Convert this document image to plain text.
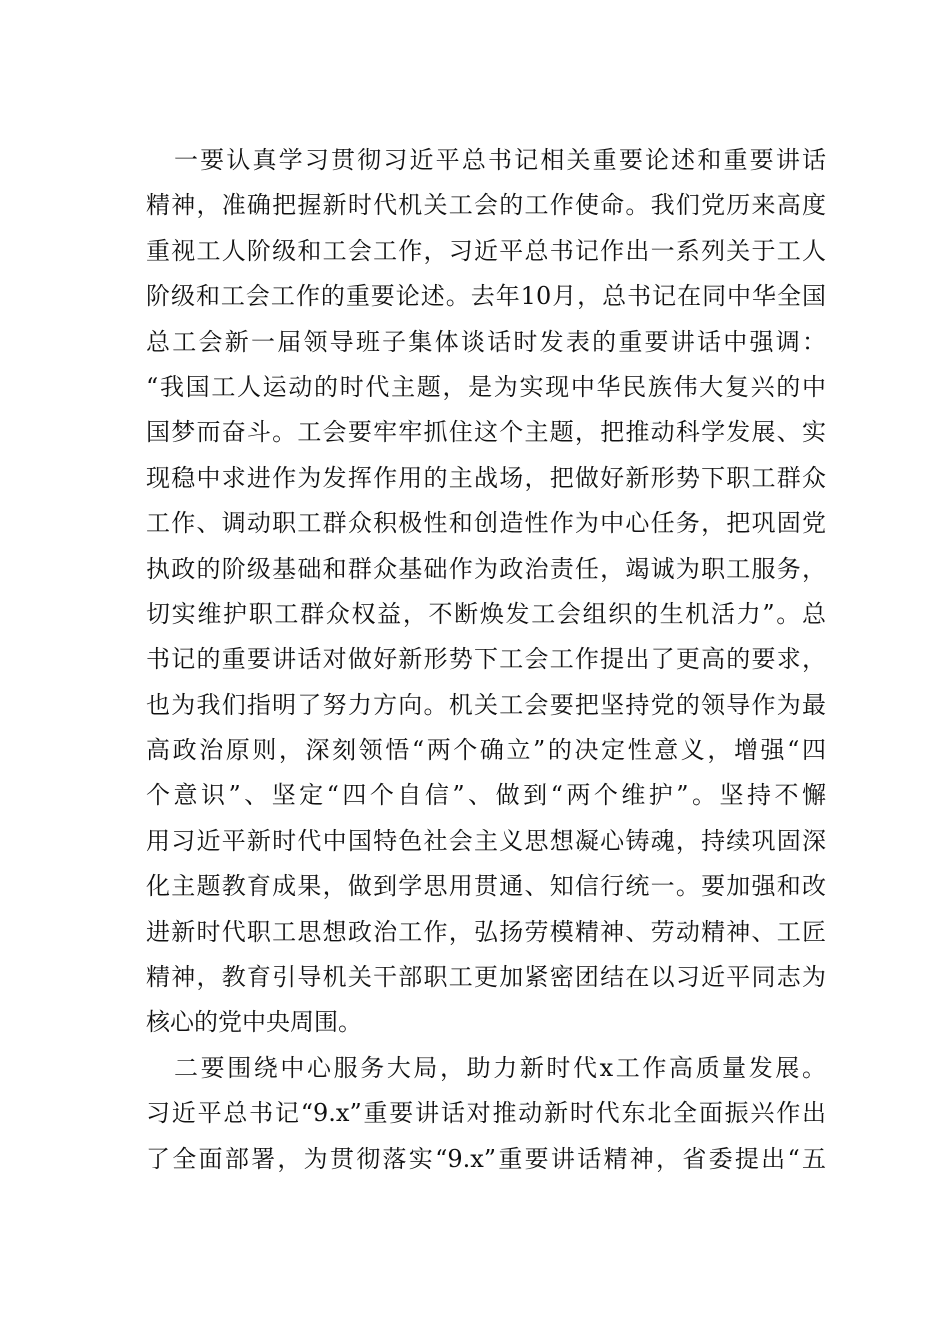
一要认真学习贯彻习近平总书记相关重要论述和重要讲话
精神，准确把握新时代机关工会的工作使命。我们党历来高度
重视工人阶级和工会工作，习近平总书记作出一系列关于工人
阶级和工会工作的重要论述。去年10月，总书记在同中华全国
总工会新一届领导班子集体谈话时发表的重要讲话中强调：
“我国工人运动的时代主题，是为实现中华民族伟大复兴的中
国梦而奋斗。工会要牢牢抓住这个主题，把推动科学发展、实
现稳中求进作为发挥作用的主战场，把做好新形势下职工群众
工作、调动职工群众积极性和创造性作为中心任务，把巩固党
执政的阶级基础和群众基础作为政治责任，竭诚为职工服务，
切实维护职工群众权益，不断焕发工会组织的生机活力”。总
书记的重要讲话对做好新形势下工会工作提出了更高的要求，
也为我们指明了努力方向。机关工会要把坚持党的领导作为最
高政治原则，深刻领悟“两个确立”的决定性意义，增强“四
个意识”、坚定“四个自信”、做到“两个维护”。坚持不懈
用习近平新时代中国特色社会主义思想凝心铸魂，持续巩固深
化主题教育成果，做到学思用贯通、知信行统一。要加强和改
进新时代职工思想政治工作，弘扬劳模精神、劳动精神、工匠
精神，教育引导机关干部职工更加紧密团结在以习近平同志为
核心的党中央周围。
二要围绕中心服务大局，助力新时代x工作高质量发展。
习近平总书记“9.x”重要讲话对推动新时代东北全面振兴作出
了全面部署，为贯彻落实“9.x”重要讲话精神，省委提出“五
